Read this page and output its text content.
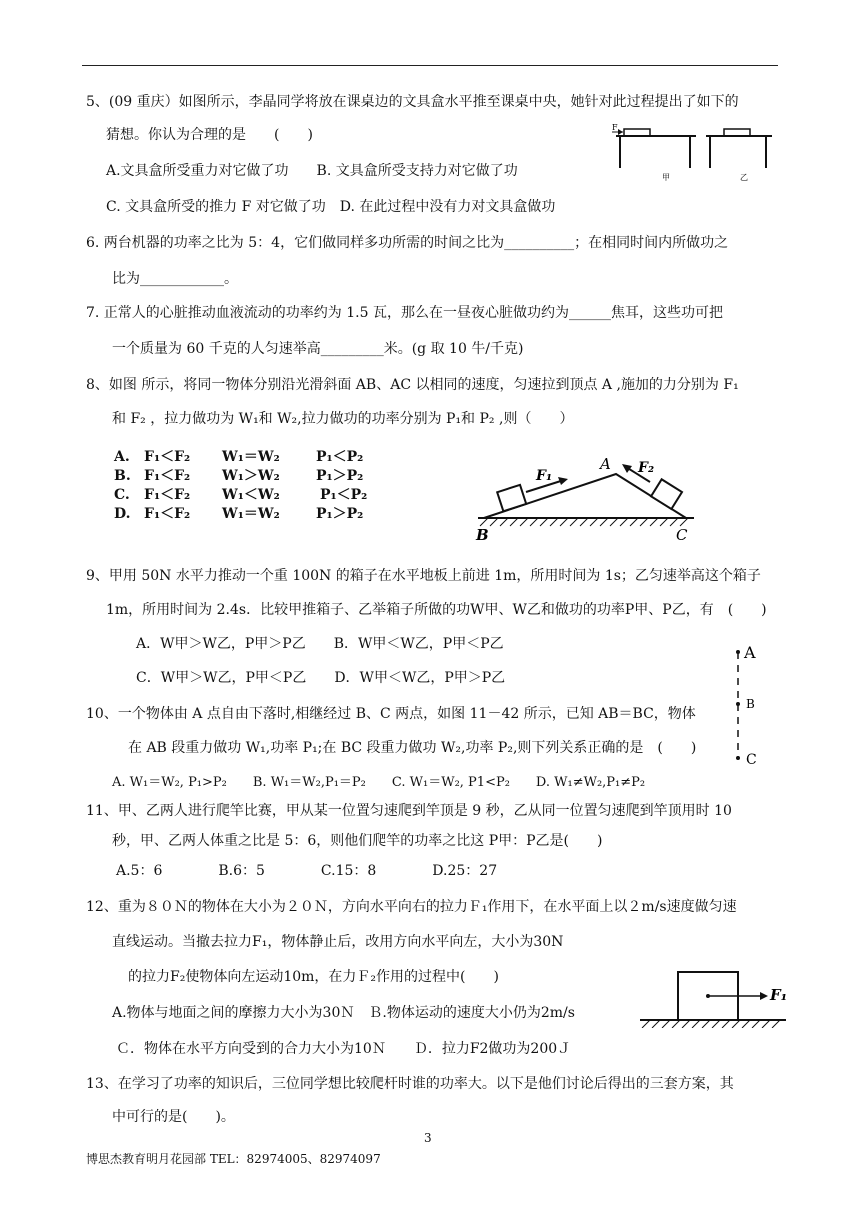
5、(09 重庆）如图所示，李晶同学将放在课桌边的文具盒水平推至课桌中央，她针对此过程提出了如下的
猜想。你认为合理的是　　(　　)
A.文具盒所受重力对它做了功　　B. 文具盒所受支持力对它做了功
C. 文具盒所受的推力 F 对它做了功　D. 在此过程中没有力对文具盒做功
F
甲	乙
6. 两台机器的功率之比为 5：4，它们做同样多功所需的时间之比为__________；在相同时间内所做功之
比为____________。
7. 正常人的心脏推动血液流动的功率约为 1.5 瓦，那么在一昼夜心脏做功约为______焦耳，这些功可把
一个质量为 60 千克的人匀速举高_________米。(g 取 10 牛/千克)
8、如图 所示，将同一物体分别沿光滑斜面 AB、AC 以相同的速度，匀速拉到顶点 A ,施加的力分别为 F₁
和 F₂ ，拉力做功为 W₁和 W₂,拉力做功的功率分别为 P₁和 P₂ ,则（　　）
A. F₁＜F₂ W₁＝W₂	P₁＜P₂
B. F₁＜F₂ W₁＞W₂	P₁＞P₂
C. F₁＜F₂ W₁＜W₂	P₁＜P₂
D. F₁＜F₂ W₁＝W₂	P₁＞P₂
F₁	F₂
A
B	C
9、甲用 50N 水平力推动一个重 100N 的箱子在水平地板上前进 1m，所用时间为 1s；乙匀速举高这个箱子
1m，所用时间为 2.4s．比较甲推箱子、乙举箱子所做的功W甲、W乙和做功的功率P甲、P乙，有　(　　)
A．W甲＞W乙，P甲＞P乙　　B．W甲＜W乙，P甲＜P乙
C．W甲＞W乙，P甲＜P乙　　D．W甲＜W乙，P甲＞P乙
A
B
C
10、一个物体由 A 点自由下落时,相继经过 B、C 两点，如图 11－42 所示，已知 AB＝BC，物体
在 AB 段重力做功 W₁,功率 P₁;在 BC 段重力做功 W₂,功率 P₂,则下列关系正确的是　(　　)
A. W₁＝W₂, P₁>P₂　　B. W₁＝W₂,P₁＝P₂　　C. W₁＝W₂, P1<P₂　　D. W₁≠W₂,P₁≠P₂
11、甲、乙两人进行爬竿比赛，甲从某一位置匀速爬到竿顶是 9 秒，乙从同一位置匀速爬到竿顶用时 10
秒，甲、乙两人体重之比是 5：6，则他们爬竿的功率之比这 P甲：P乙是(　　)
A.5：6　　　　B.6：5　　　　C.15：8　　　　D.25：27
12、重为８０Ｎ的物体在大小为２０Ｎ，方向水平向右的拉力Ｆ₁作用下，在水平面上以２m/s速度做匀速
直线运动。当撤去拉力F₁，物体静止后，改用方向水平向左，大小为30N
的拉力F₂使物体向左运动10m，在力Ｆ₂作用的过程中(　　)
A.物体与地面之间的摩擦力大小为30Ｎ　Ｂ.物体运动的速度大小仍为2m/s
Ｃ．物体在水平方向受到的合力大小为10Ｎ　　Ｄ．拉力F2做功为200Ｊ
F₁
13、在学习了功率的知识后，三位同学想比较爬杆时谁的功率大。以下是他们讨论后得出的三套方案，其
中可行的是(　　)。
3
博思杰教育明月花园部 TEL：82974005、82974097
